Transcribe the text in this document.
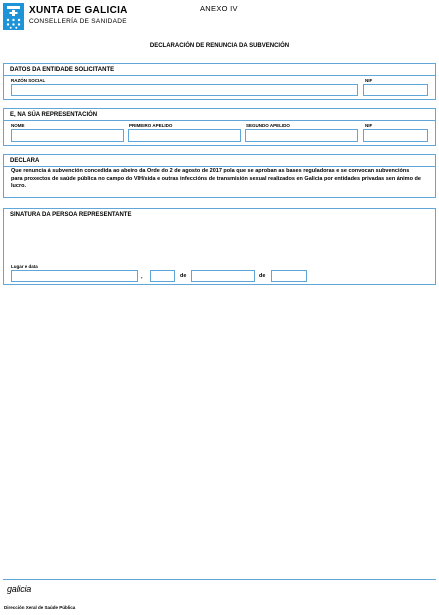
XUNTA DE GALICIA
CONSELLERÍA DE SANIDADE
ANEXO IV
DECLARACIÓN DE RENUNCIA DA SUBVENCIÓN
DATOS DA ENTIDADE SOLICITANTE
RAZÓN SOCIAL	NIF
E, NA SÚA REPRESENTACIÓN
NOME	PRIMEIRO APELIDO	SEGUNDO APELIDO	NIF
DECLARA
Que renuncia á subvención concedida ao abeiro da Orde do 2 de agosto de 2017 pola que se aproban as bases reguladoras e se convocan subvencións para proxectos de saúde pública no campo do VIH/sida e outras infeccións de transmisión sexual realizados en Galicia por entidades privadas sen ánimo de lucro.
SINATURA DA PERSOA REPRESENTANTE
Lugar e data
,	de	de
galicia
Dirección Xeral de Saúde Pública
